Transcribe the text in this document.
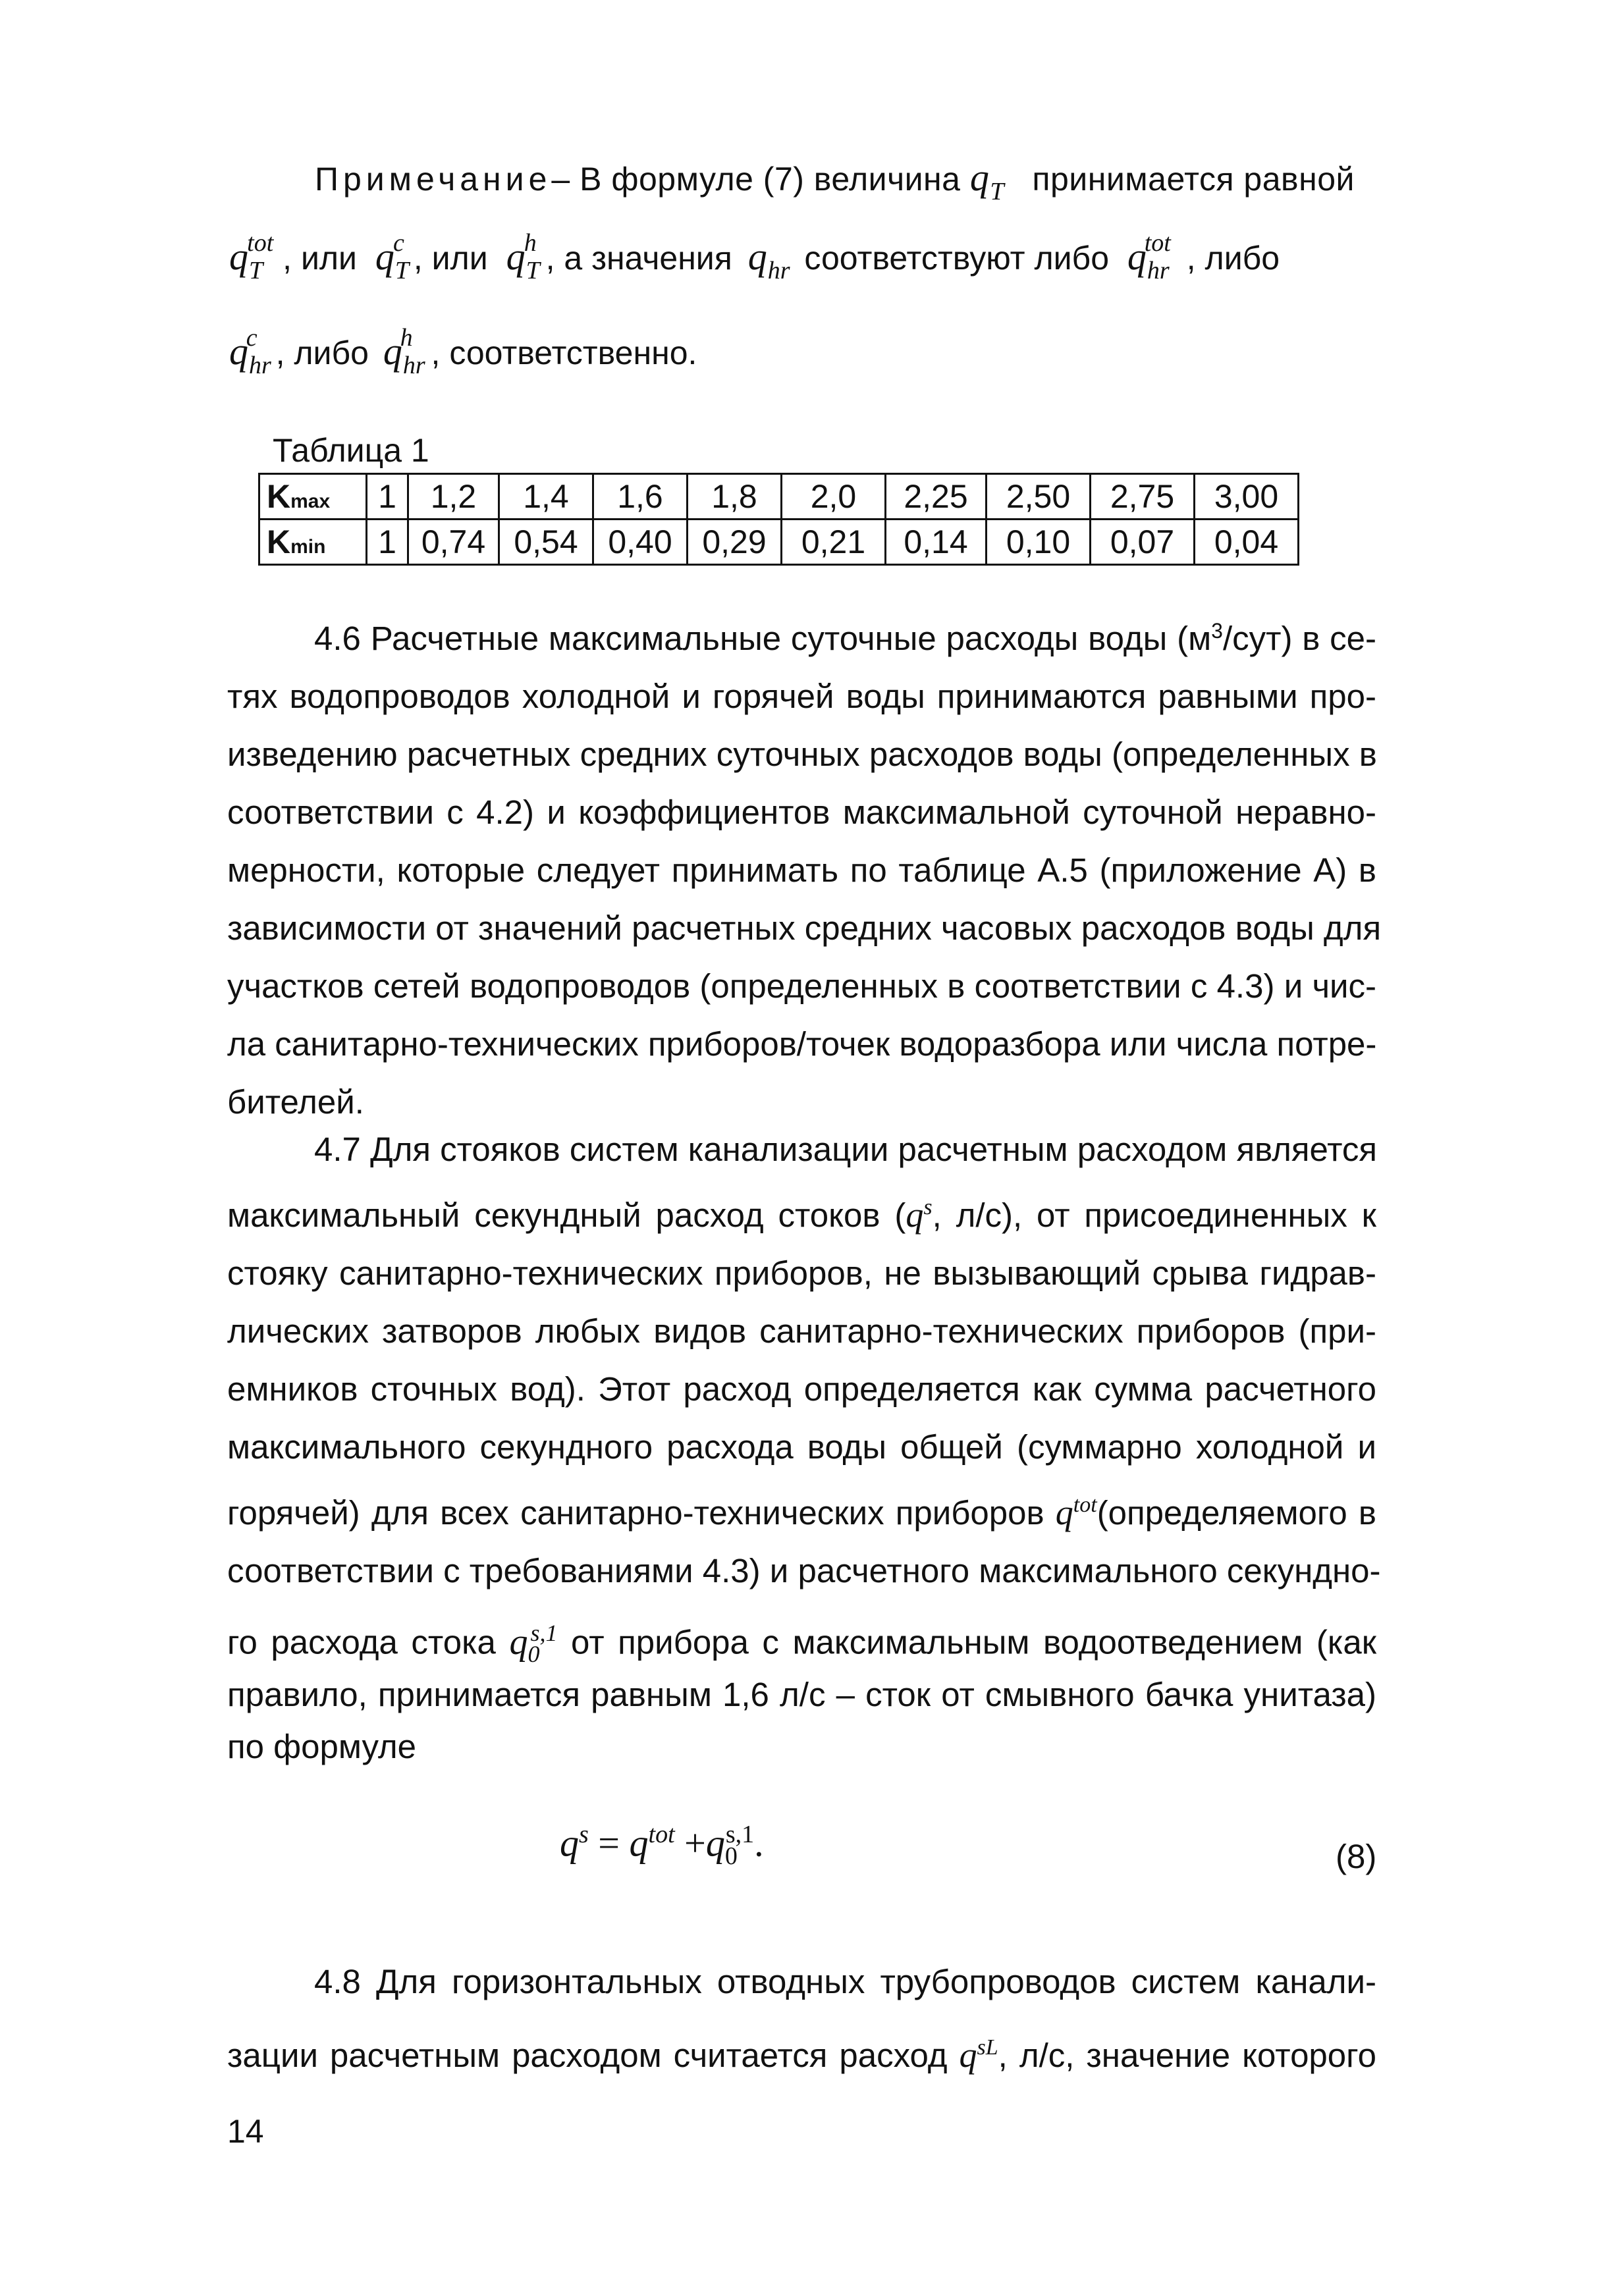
Примечание– В формуле (7) величина $q_T$ принимается равной
$q_T^{tot}$ , или $q_T^c$ , или $q_T^h$ , а значения $q_{hr}$ соответствуют либо $q_{hr}^{tot}$ , либо
$q_{hr}^c$ , либо $q_{hr}^h$ , соответственно.
Таблица 1
Kmax	1	1,2	1,4	1,6	1,8	2,0	2,25	2,50	2,75	3,00
Kmin	1	0,74	0,54	0,40	0,29	0,21	0,14	0,10	0,07	0,04
4.6 Расчетные максимальные суточные расходы воды $(м^3/сут)$ в се-
тях водопроводов холодной и горячей воды принимаются равными про-
изведению расчетных средних суточных расходов воды (определенных в
соответствии с 4.2) и коэффициентов максимальной суточной неравно-
мерности, которые следует принимать по таблице А.5 (приложение А) в
зависимости от значений расчетных средних часовых расходов воды для
участков сетей водопроводов (определенных в соответствии с 4.3) и чис-
ла санитарно-технических приборов/точек водоразбора или числа потре-
бителей.
4.7 Для стояков систем канализации расчетным расходом является
максимальный секундный расход стоков ($q^s$, л/с), от присоединенных к
стояку санитарно-технических приборов, не вызывающий срыва гидрав-
лических затворов любых видов санитарно-технических приборов (при-
емников сточных вод). Этот расход определяется как сумма расчетного
максимального секундного расхода воды общей (суммарно холодной и
горячей) для всех санитарно-технических приборов $q^{tot}(определяемого$ в
соответствии с требованиями 4.3) и расчетного максимального секундно-
го расхода стока $q_0^{s,1}$ от прибора с максимальным водоотведением (как
правило, принимается равным 1,6 л/с – сток от смывного бачка унитаза)
по формуле
$q^s = q^{tot} +q_0^{s,1}$.	(8)
4.8 Для горизонтальных отводных трубопроводов систем канали-
зации расчетным расходом считается расход $q^{sL}$, л/с, значение которого
14
